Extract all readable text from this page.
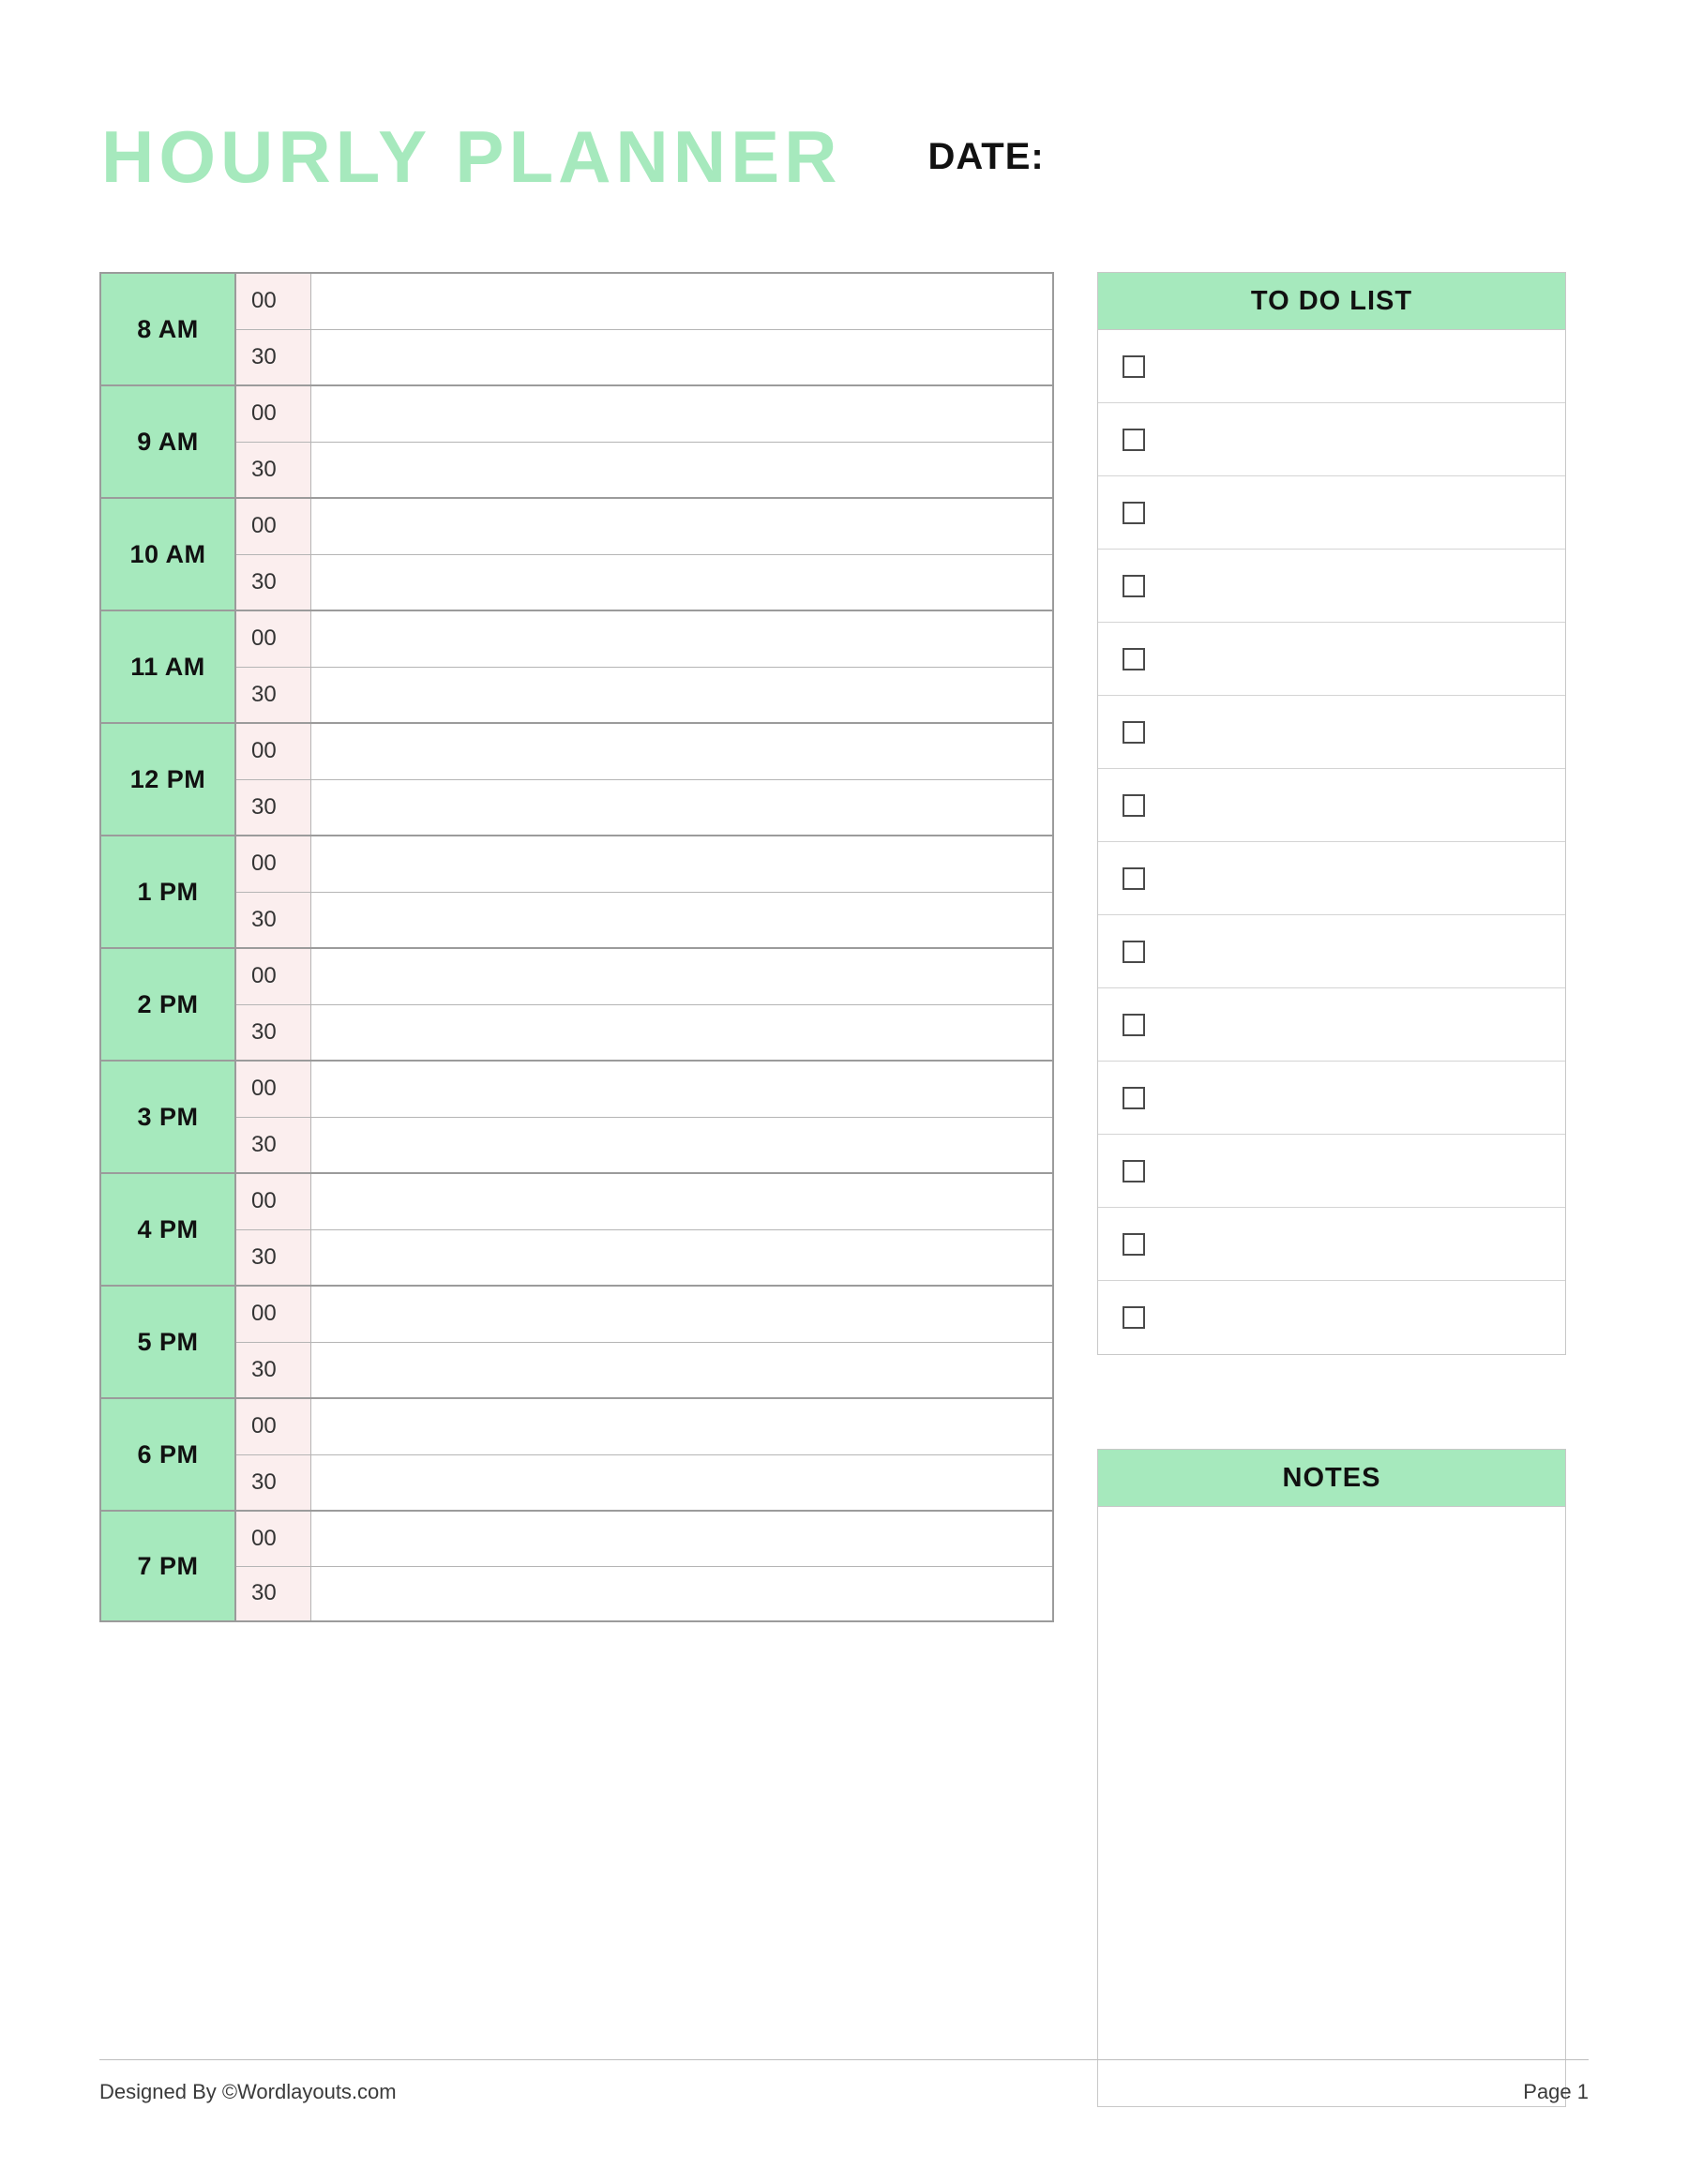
HOURLY PLANNER DATE:
8 AM
00
30
9 AM
00
30
10 AM
00
30
11 AM
00
30
12 PM
00
30
1 PM
00
30
2 PM
00
30
3 PM
00
30
4 PM
00
30
5 PM
00
30
6 PM
00
30
7 PM
00
30
TO DO LIST
NOTES
Designed By ©Wordlayouts.com	Page 1
